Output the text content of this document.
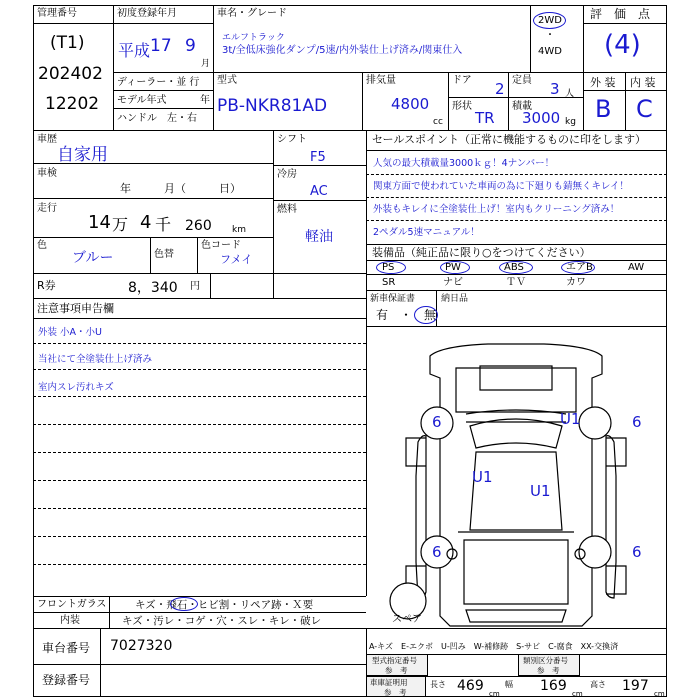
管理番号
(T1)
202402
12202
初度登録年月
平成 17 9
月
ディーラー・並 行
モデル年式	年
ハンドル　左・右
車名・グレード
エルフトラック
3t/全低床強化ダンプ/5速/内外装仕上げ済み/関東仕入
2WD
・
4WD
型式
PB-NKR81AD
排気量
4800
cc
ドア 2 定員 3 人
形状
TR
積載
3000 kg
評　価　点
(4)
外 装 内 装
B C
車歴
自家用
車検
年　　　月（　　　日）
走行
14 万 4 千 260 km
色
ブルー	色替
色コード
フメイ
シフト
F5
冷房
AC
燃料
軽油
R券	8，340 円
セールスポイント（正常に機能するものに印をします）
人気の最大積載量3000ｋｇ！4ナンバー！
関東方面で使われていた車両の為に下廻りも錆無くキレイ！
外装もキレイに全塗装仕上げ！室内もクリーニング済み！
2ペダル5速マニュアル！
装備品（純正品に限り○をつけてください）
PS	PW	ABS	エアB	AW
SR	ナビ	ＴＶ	カワ
新車保証書
有　・　無
納日品
注意事項申告欄
外装 小A・小U
当社にて全塗装仕上げ済み
室内スレ汚れキズ
6	U1	6
U1
U1
6	6
スペア
フロントガラス	キズ・飛石・ヒビ割・リペア跡・Ｘ要
内装	キズ・汚レ・コゲ・穴・スレ・キレ・破レ
車台番号 7027320
登録番号
A-キズ　E-エクボ　U-凹み　W-補修跡　S-サビ　C-腐食　XX-交換済
型式指定番号
参　考
類別区分番号
参　考
車庫証明用
参　考
長さ 469 cm
幅 169 cm
高さ 197 cm
